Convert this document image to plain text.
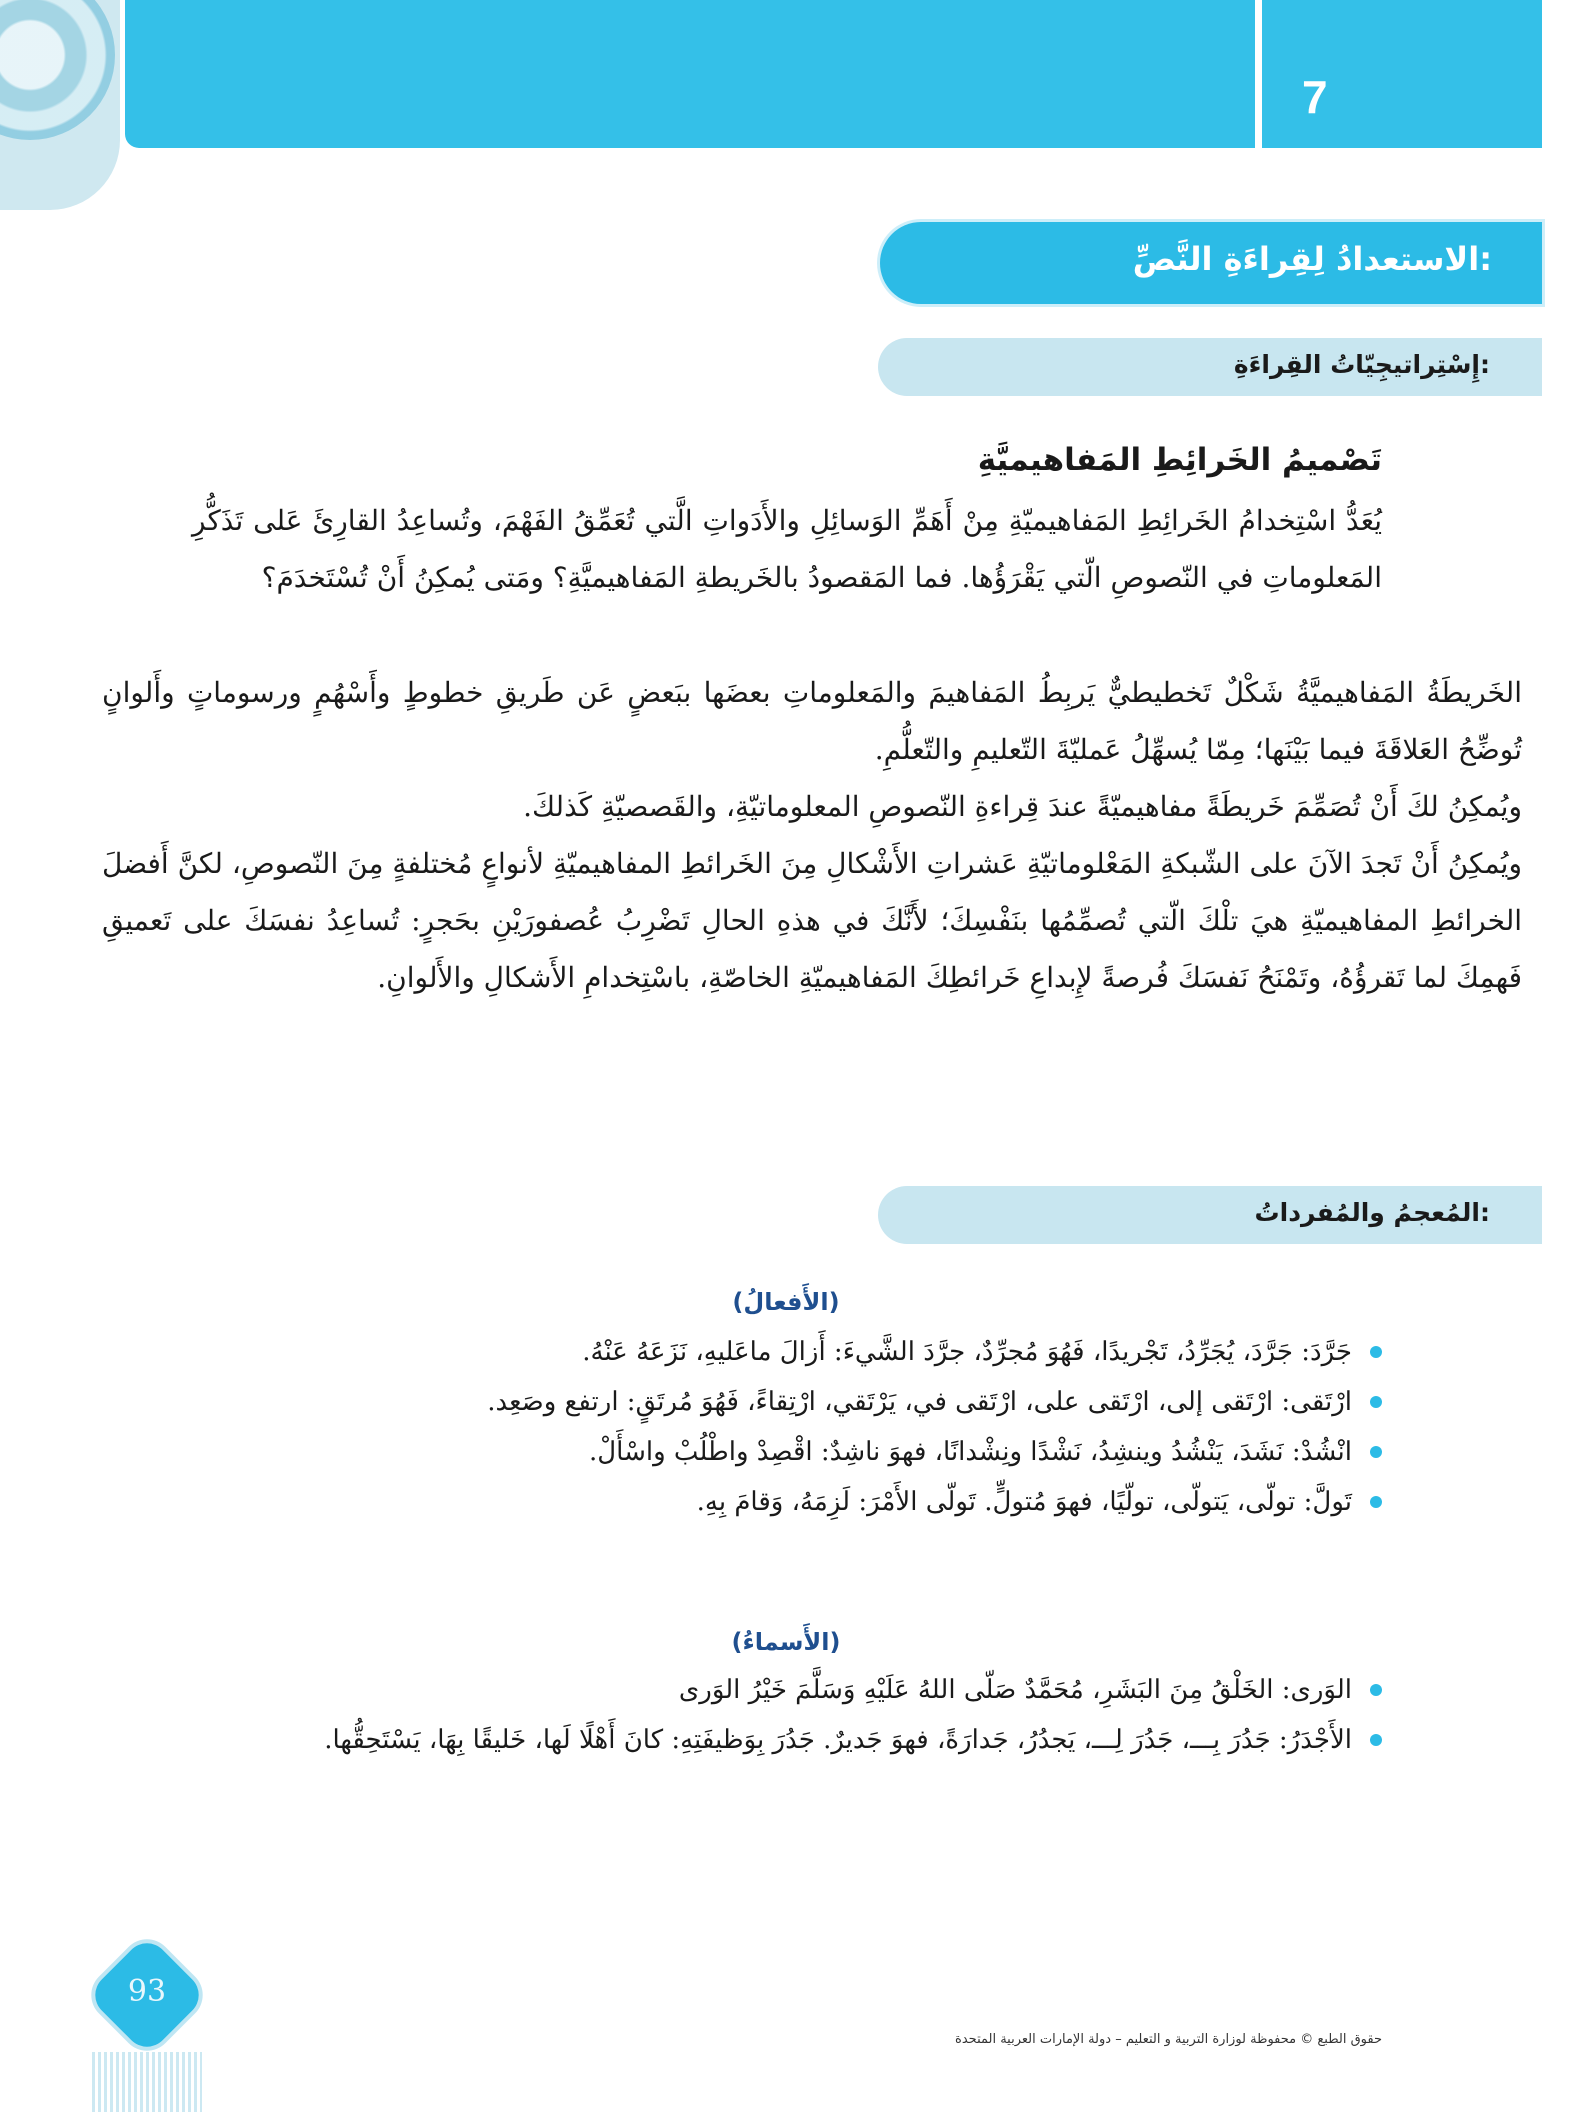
7
الاستعدادُ لِقِراءَةِ النَّصِّ:
إِسْتِراتيجِيّاتُ القِراءَةِ:
تَصْميمُ الخَرائِطِ المَفاهيميَّةِ
يُعَدُّ اسْتِخدامُ الخَرائِطِ المَفاهيميّةِ مِنْ أَهَمِّ الوَسائِلِ والأَدَواتِ الَّتي تُعَمِّقُ الفَهْمَ، وتُساعِدُ القارِئَ عَلى تَذَكُّرِ المَعلوماتِ في النّصوصِ الّتي يَقْرَؤُها. فما المَقصودُ بالخَريطةِ المَفاهيميَّةِ؟ ومَتى يُمكِنُ أَنْ تُسْتَخدَمَ؟
الخَريطَةُ المَفاهيميَّةُ شَكْلٌ تَخطيطيٌّ يَربِطُ المَفاهيمَ والمَعلوماتِ بعضَها ببَعضٍ عَن طَريقِ خطوطٍ وأَسْهُمٍ ورسوماتٍ وأَلوانٍ تُوضِّحُ العَلاقَةَ فيما بَيْنَها؛ مِمّا يُسهِّلُ عَمليّةَ التّعليمِ والتّعلُّمِ.
ويُمكِنُ لكَ أَنْ تُصَمِّمَ خَريطَةً مفاهيميّةً عندَ قِراءةِ النّصوصِ المعلوماتيّةِ، والقَصصيّةِ كَذلكَ.
ويُمكِنُ أَنْ تَجدَ الآنَ على الشّبكةِ المَعْلوماتيّةِ عَشراتِ الأَشْكالِ مِنَ الخَرائطِ المفاهيميّةِ لأنواعٍ مُختلفةٍ مِنَ النّصوصِ، لكنَّ أَفضلَ الخرائطِ المفاهيميّةِ هيَ تلْكَ الّتي تُصمِّمُها بنَفْسِكَ؛ لأَنَّكَ في هذهِ الحالِ تَضْرِبُ عُصفورَيْنِ بحَجرٍ: تُساعِدُ نفسَكَ على تَعميقِ فَهمِكَ لما تَقرؤُهُ، وتَمْنَحُ نَفسَكَ فُرصةً لإِبداعِ خَرائطِكَ المَفاهيميّةِ الخاصّةِ، باسْتِخدامِ الأَشكالِ والأَلوانِ.
المُعجمُ والمُفرداتُ:
(الأَفعالُ)
جَرَّدَ: جَرَّدَ، يُجَرِّدُ، تَجْريدًا، فَهُوَ مُجرِّدٌ، جرَّدَ الشَّيءَ: أَزالَ ماعَليهِ، نَزَعَهُ عَنْهُ.
ارْتَقى: ارْتَقى إلى، ارْتَقى على، ارْتَقى في، يَرْتَقي، ارْتِقاءً، فَهُوَ مُرتَقٍ: ارتفع وصَعِد.
انْشُدْ: نَشَدَ، يَنْشُدُ وينشِدُ، نَشْدًا ونِشْدانًا، فهوَ ناشِدٌ: اقْصِدْ واطْلُبْ واسْأَلْ.
تَولَّ: تولّى، يَتولّى، تولّيًا، فهوَ مُتولٍّ. تَولّى الأَمْرَ: لَزِمَهُ، وَقامَ بِهِ.
(الأَسماءُ)
الوَرى: الخَلْقُ مِنَ البَشَرِ، مُحَمَّدٌ صَلّى اللهُ عَلَيْهِ وَسَلَّمَ خَيْرُ الوَرى
الأَجْدَرُ: جَدُرَ بِـــ، جَدُرَ لِـــ، يَجدُرُ، جَدارَةً، فهوَ جَديرٌ. جَدُرَ بِوَظيفَتِهِ: كانَ أَهْلًا لَها، خَليقًا بِهَا، يَسْتَحِقُّها.
93
حقوق الطبع © محفوظة لوزارة التربية و التعليم – دولة الإمارات العربية المتحدة
